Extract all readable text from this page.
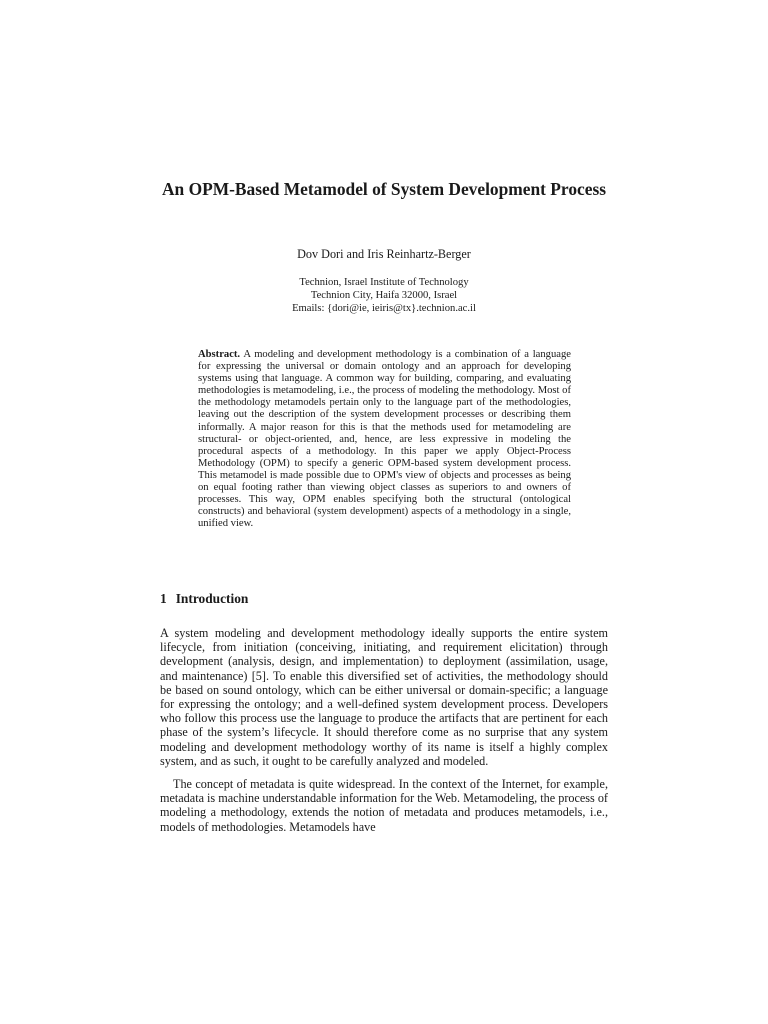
An OPM-Based Metamodel of System Development Process

Dov Dori and Iris Reinhartz-Berger

Technion, Israel Institute of Technology
Technion City, Haifa 32000, Israel
Emails: {dori@ie, ieiris@tx}.technion.ac.il

Abstract. A modeling and development methodology is a combination of a language for expressing the universal or domain ontology and an approach for developing systems using that language. A common way for building, comparing, and evaluating methodologies is metamodeling, i.e., the process of modeling the methodology. Most of the methodology metamodels pertain only to the language part of the methodologies, leaving out the description of the system development processes or describing them informally. A major reason for this is that the methods used for metamodeling are structural- or object-oriented, and, hence, are less expressive in modeling the procedural aspects of a methodology. In this paper we apply Object-Process Methodology (OPM) to specify a generic OPM-based system development process. This metamodel is made possible due to OPM's view of objects and processes as being on equal footing rather than viewing object classes as superiors to and owners of processes. This way, OPM enables specifying both the structural (ontological constructs) and behavioral (system development) aspects of a methodology in a single, unified view.

1 Introduction

A system modeling and development methodology ideally supports the entire system lifecycle, from initiation (conceiving, initiating, and requirement elicitation) through development (analysis, design, and implementation) to deployment (assimilation, usage, and maintenance) [5]. To enable this diversified set of activities, the methodology should be based on sound ontology, which can be either universal or domain-specific; a language for expressing the ontology; and a well-defined system development process. Developers who follow this process use the language to produce the artifacts that are pertinent for each phase of the system’s lifecycle. It should therefore come as no surprise that any system modeling and development methodology worthy of its name is itself a highly complex system, and as such, it ought to be carefully analyzed and modeled.

The concept of metadata is quite widespread. In the context of the Internet, for example, metadata is machine understandable information for the Web. Metamodeling, the process of modeling a methodology, extends the notion of metadata and produces metamodels, i.e., models of methodologies. Metamodels have
